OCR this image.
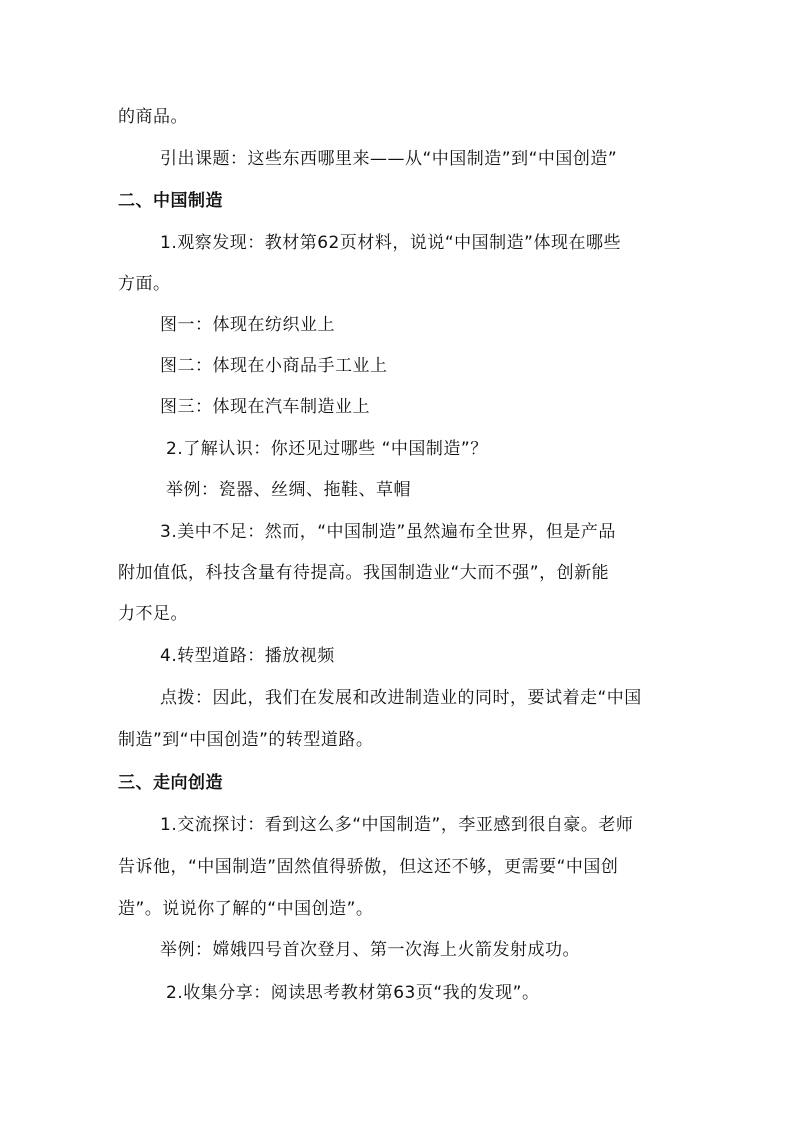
的商品。
引出课题：这些东西哪里来——从“中国制造”到“中国创造”
二、中国制造
1.观察发现：教材第62页材料，说说“中国制造”体现在哪些
方面。
图一：体现在纺织业上
图二：体现在小商品手工业上
图三：体现在汽车制造业上
2.了解认识：你还见过哪些 “中国制造”？
举例：瓷器、丝绸、拖鞋、草帽
3.美中不足：然而，“中国制造”虽然遍布全世界，但是产品
附加值低，科技含量有待提高。我国制造业“大而不强”，创新能
力不足。
4.转型道路：播放视频
点拨：因此，我们在发展和改进制造业的同时，要试着走“中国
制造”到“中国创造”的转型道路。
三、走向创造
1.交流探讨：看到这么多“中国制造”，李亚感到很自豪。老师
告诉他，“中国制造”固然值得骄傲，但这还不够，更需要“中国创
造”。说说你了解的“中国创造”。
举例：嫦娥四号首次登月、第一次海上火箭发射成功。
2.收集分享：阅读思考教材第63页“我的发现”。
